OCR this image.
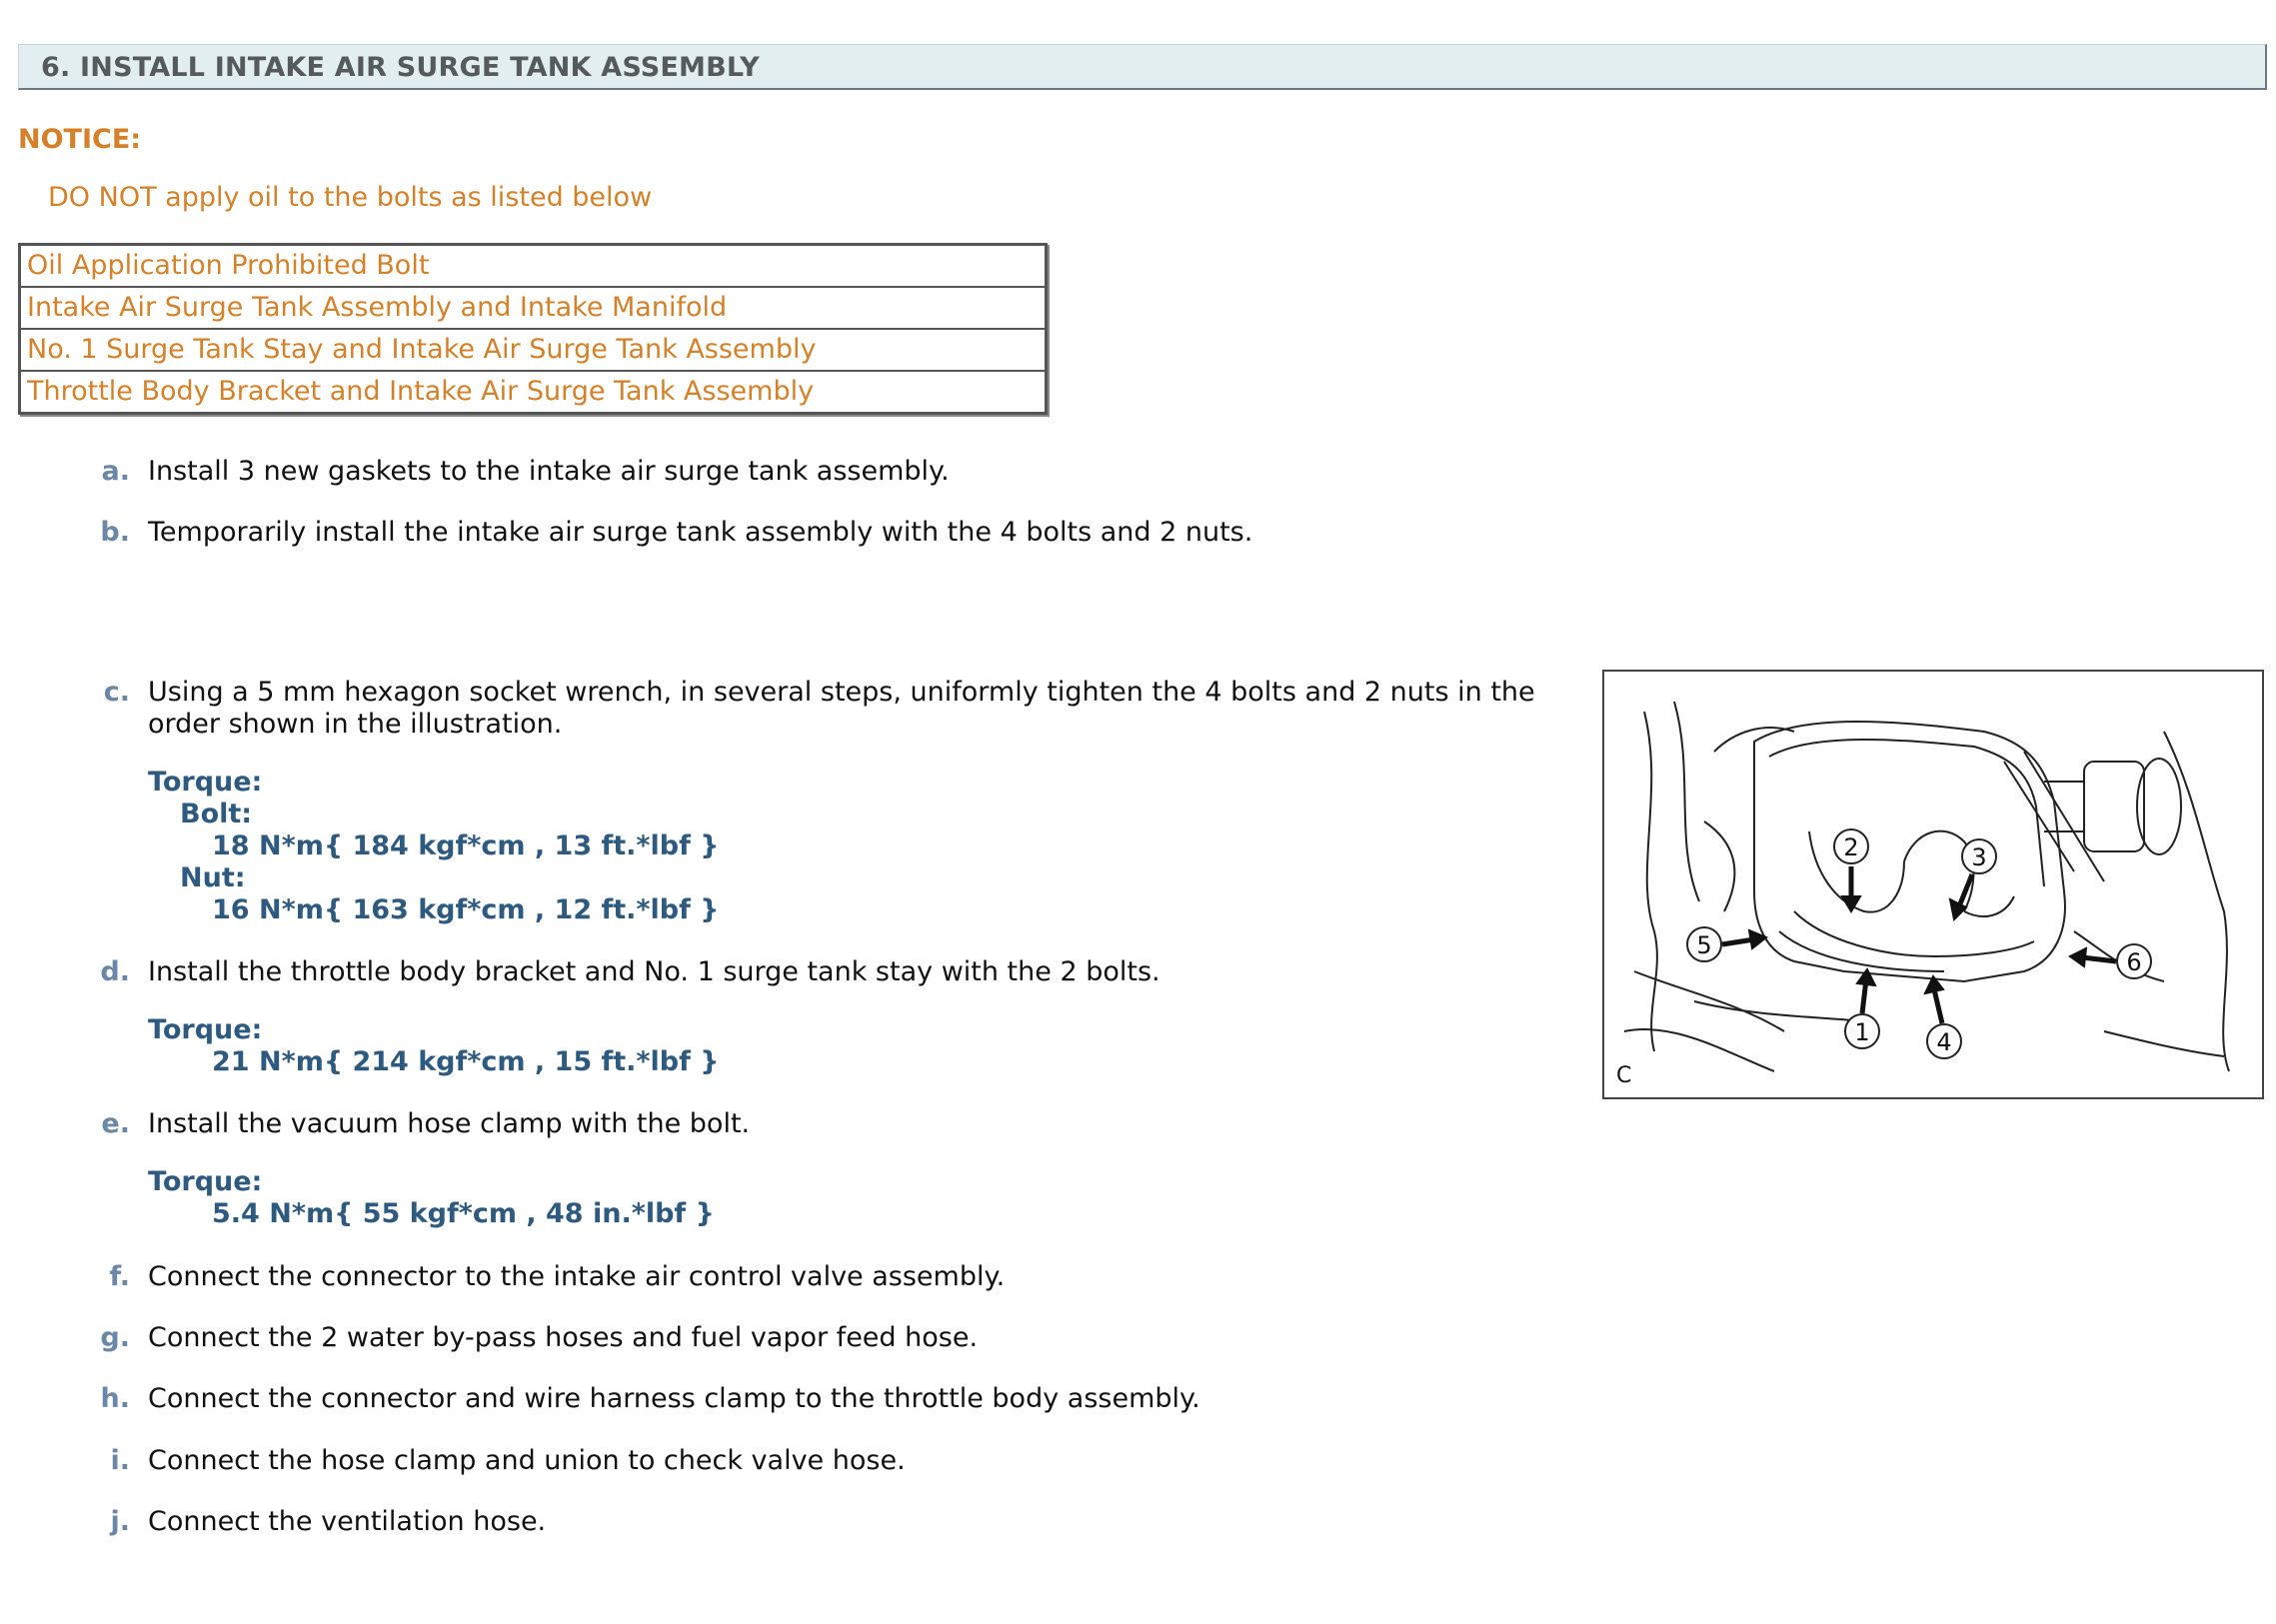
6. INSTALL INTAKE AIR SURGE TANK ASSEMBLY
NOTICE:
DO NOT apply oil to the bolts as listed below
Oil Application Prohibited Bolt
Intake Air Surge Tank Assembly and Intake Manifold
No. 1 Surge Tank Stay and Intake Air Surge Tank Assembly
Throttle Body Bracket and Intake Air Surge Tank Assembly
a. Install 3 new gaskets to the intake air surge tank assembly.
b. Temporarily install the intake air surge tank assembly with the 4 bolts and 2 nuts.
c. Using a 5 mm hexagon socket wrench, in several steps, uniformly tighten the 4 bolts and 2 nuts in the
order shown in the illustration.
Torque:
Bolt:
18 N*m{ 184 kgf*cm , 13 ft.*lbf }
Nut:
16 N*m{ 163 kgf*cm , 12 ft.*lbf }
d. Install the throttle body bracket and No. 1 surge tank stay with the 2 bolts.
Torque:
21 N*m{ 214 kgf*cm , 15 ft.*lbf }
e. Install the vacuum hose clamp with the bolt.
Torque:
5.4 N*m{ 55 kgf*cm , 48 in.*lbf }
f. Connect the connector to the intake air control valve assembly.
g. Connect the 2 water by-pass hoses and fuel vapor feed hose.
h. Connect the connector and wire harness clamp to the throttle body assembly.
i. Connect the hose clamp and union to check valve hose.
j. Connect the ventilation hose.
2	3
5
6
1	4
C
